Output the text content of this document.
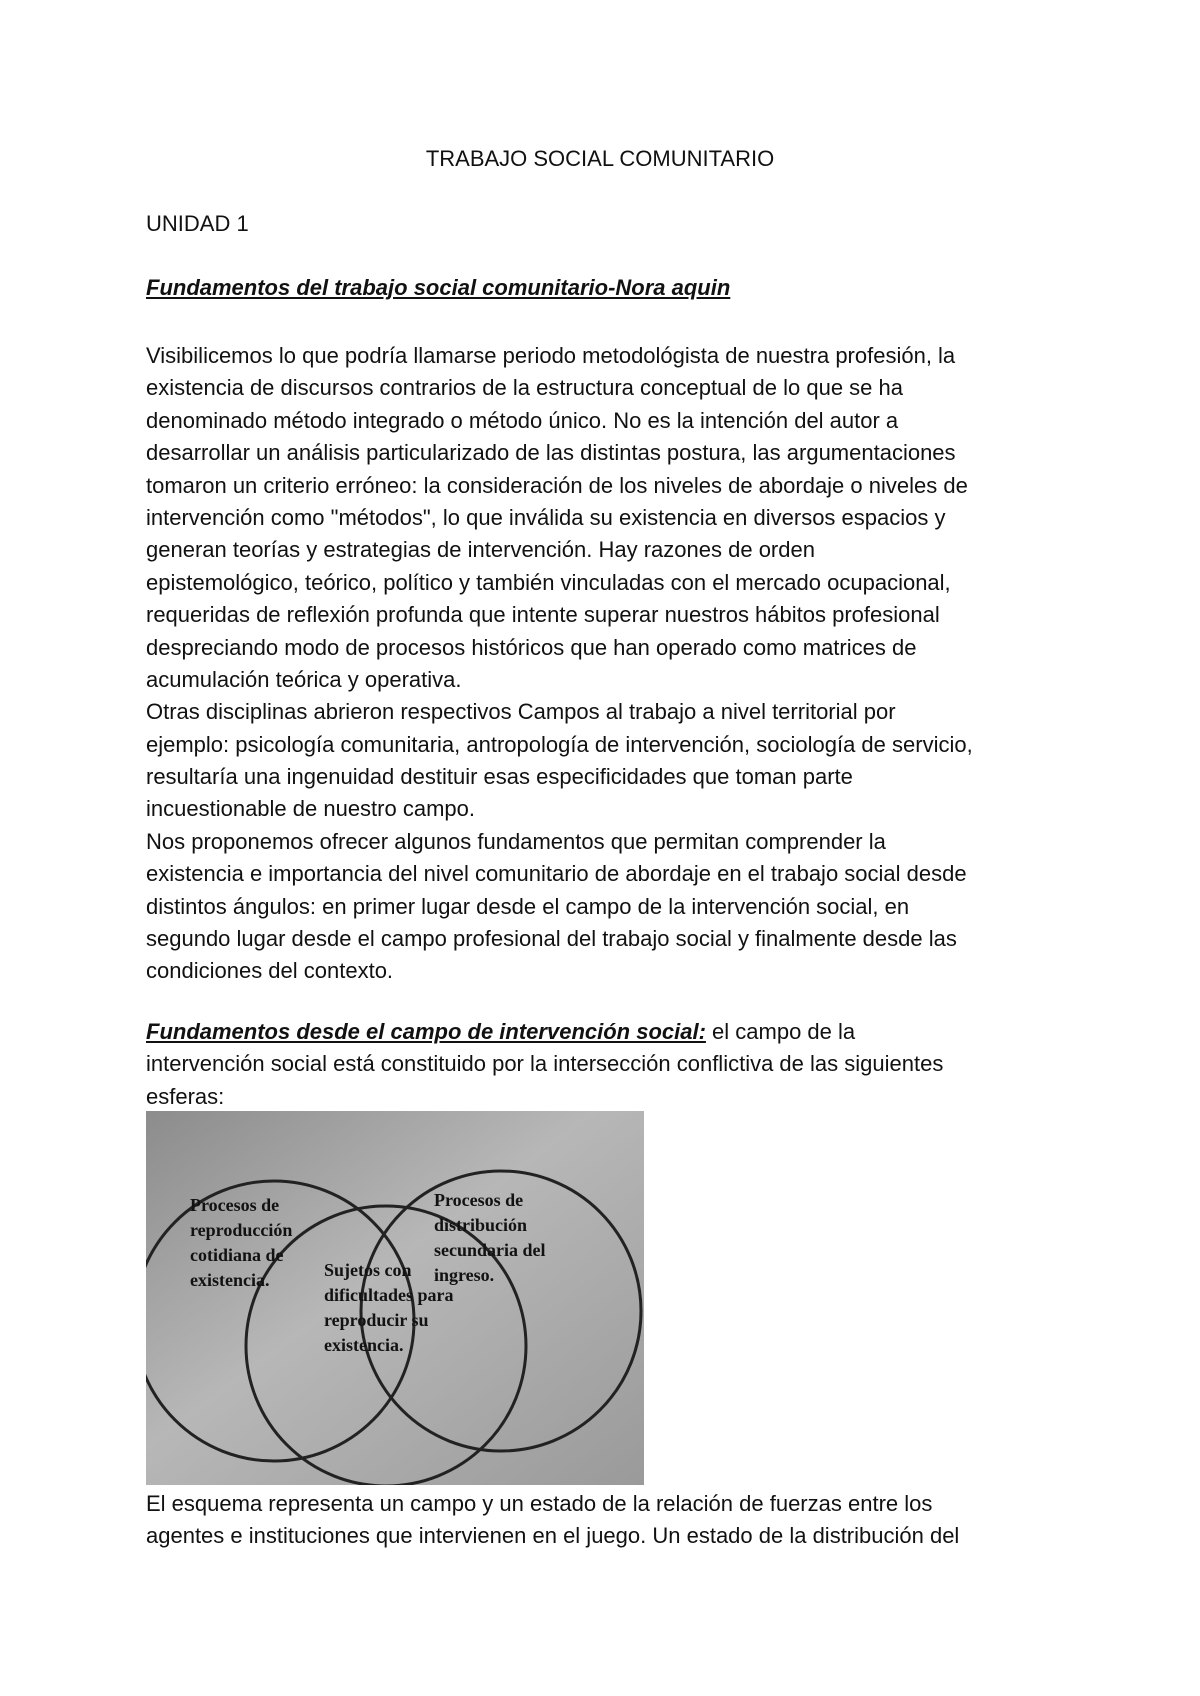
TRABAJO SOCIAL COMUNITARIO
UNIDAD 1
Fundamentos del trabajo social comunitario-Nora aquin
Visibilicemos lo que podría llamarse periodo metodológista de nuestra profesión, la
existencia de discursos contrarios de la estructura conceptual de lo que se ha
denominado método integrado o método único. No es la intención del autor a
desarrollar un análisis particularizado de las distintas postura, las argumentaciones
tomaron un criterio erróneo: la consideración de los niveles de abordaje o niveles de
intervención como "métodos", lo que inválida su existencia en diversos espacios y
generan teorías y estrategias de intervención. Hay razones de orden
epistemológico, teórico, político y también vinculadas con el mercado ocupacional,
requeridas de reflexión profunda que intente superar nuestros hábitos profesional
despreciando modo de procesos históricos que han operado como matrices de
acumulación teórica y operativa.
Otras disciplinas abrieron respectivos Campos al trabajo a nivel territorial por
ejemplo: psicología comunitaria, antropología de intervención, sociología de servicio,
resultaría una ingenuidad destituir esas especificidades que toman parte
incuestionable de nuestro campo.
Nos proponemos ofrecer algunos fundamentos que permitan comprender la
existencia e importancia del nivel comunitario de abordaje en el trabajo social desde
distintos ángulos: en primer lugar desde el campo de la intervención social, en
segundo lugar desde el campo profesional del trabajo social y finalmente desde las
condiciones del contexto.
Fundamentos desde el campo de intervención social: el campo de la
intervención social está constituido por la intersección conflictiva de las siguientes
esferas:
Procesos de reproducción cotidiana de existencia.
Procesos de distribución secundaria del ingreso.
Sujetos con dificultades para reproducir su existencia.
El esquema representa un campo y un estado de la relación de fuerzas entre los
agentes e instituciones que intervienen en el juego. Un estado de la distribución del
